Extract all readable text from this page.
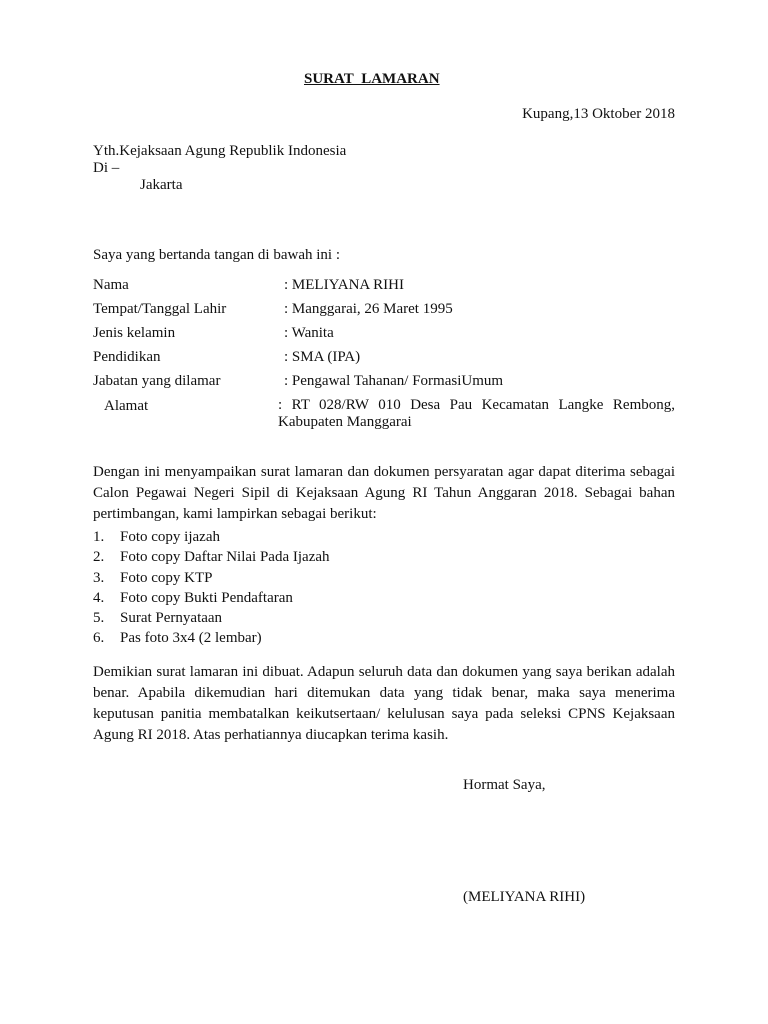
SURAT LAMARAN
Kupang,13 Oktober 2018
Yth.Kejaksaan Agung Republik Indonesia
Di –
Jakarta
Saya yang bertanda tangan di bawah ini :
Nama	: MELIYANA RIHI
Tempat/Tanggal Lahir	: Manggarai, 26 Maret 1995
Jenis kelamin	: Wanita
Pendidikan	: SMA (IPA)
Jabatan yang dilamar	: Pengawal Tahanan/ FormasiUmum
Alamat	: RT 028/RW 010 Desa Pau Kecamatan Langke Rembong, Kabupaten Manggarai
Dengan ini menyampaikan surat lamaran dan dokumen persyaratan agar dapat diterima sebagai Calon Pegawai Negeri Sipil di Kejaksaan Agung RI Tahun Anggaran 2018. Sebagai bahan pertimbangan, kami lampirkan sebagai berikut:
1. Foto copy ijazah
2. Foto copy Daftar Nilai Pada Ijazah
3. Foto copy KTP
4. Foto copy Bukti Pendaftaran
5. Surat Pernyataan
6. Pas foto 3x4 (2 lembar)
Demikian surat lamaran ini dibuat. Adapun seluruh data dan dokumen yang saya berikan adalah benar. Apabila dikemudian hari ditemukan data yang tidak benar, maka saya menerima keputusan panitia membatalkan keikutsertaan/ kelulusan saya pada seleksi CPNS Kejaksaan Agung RI 2018. Atas perhatiannya diucapkan terima kasih.
Hormat Saya,
(MELIYANA RIHI)
